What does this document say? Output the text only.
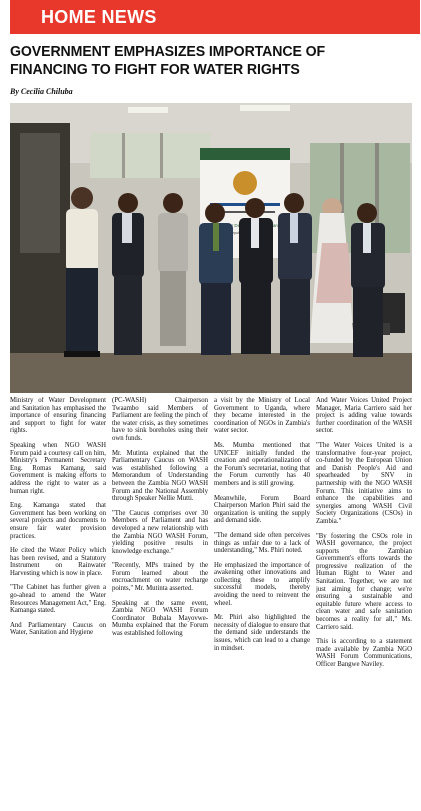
HOME NEWS
GOVERNMENT EMPHASIZES IMPORTANCE OF FINANCING TO FIGHT FOR WATER RIGHTS
By Cecilia Chiluba
Republic

Ministry of Water Development and Sanitation has emphasised the importance of ensuring financing and support to fight for water rights.

Speaking when NGO WASH Forum paid a courtesy call on him, Ministry's Permanent Secretary Eng. Romas Kamang, said Government is making efforts to address the right to water as a human right.

Eng. Kamanga stated that Government has been working on several projects and documents to ensure fair water provision practices.

He cited the Water Policy which has been revised, and a Statutory Instrument on Rainwater Harvesting which is now in place.

"The Cabinet has further given a go-ahead to amend the Water Resources Management Act," Eng. Kamanga stated.

And Parliamentary Caucus on Water, Sanitation and Hygiene

(PC-WASH) Chairperson Twaambo said Members of Parliament are feeling the pinch of the water crisis, as they sometimes have to sink boreholes using their own funds.

Mr. Mutinta explained that the Parliamentary Caucus on WASH was established following a Memorandum of Understanding between the Zambia NGO WASH Forum and the National Assembly through Speaker Nellie Mutti.

"The Caucus comprises over 30 Members of Parliament and has developed a new relationship with the Zambia NGO WASH Forum, yielding positive results in knowledge exchange."

"Recently, MPs trained by the Forum learned about the encroachment on water recharge points," Mr. Mutinta asserted.

Speaking at the same event, Zambia NGO WASH Forum Coordinator Bubala Mayovwe-Mumba explained that the Forum was established following

a visit by the Ministry of Local Government to Uganda, where they became interested in the coordination of NGOs in Zambia's water sector.

Ms. Mumba mentioned that UNICEF initially funded the creation and operationalization of the Forum's secretariat, noting that the Forum currently has 40 members and is still growing.

Meanwhile, Forum Board Chairperson Marlon Phiri said the organization is uniting the supply and demand side.

"The demand side often perceives things as unfair due to a lack of understanding," Ms. Phiri noted.

He emphasized the importance of awakening other innovations and collecting these to amplify successful models, thereby avoiding the need to reinvent the wheel.

Mr. Phiri also highlighted the necessity of dialogue to ensure that the demand side understands the issues, which can lead to a change in mindset.

And Water Voices United Project Manager, Maria Carriero said her project is adding value towards further coordination of the WASH sector.

"The Water Voices United is a transformative four-year project, co-funded by the European Union and Danish People's Aid and spearheaded by SNV in partnership with the NGO WASH Forum. This initiative aims to enhance the capabilities and synergies among WASH Civil Society Organizations (CSOs) in Zambia."

"By fostering the CSOs role in WASH governance, the project supports the Zambian Government's efforts towards the progressive realization of the Human Right to Water and Sanitation. Together, we are not just aiming for change; we're ensuring a sustainable and equitable future where access to clean water and safe sanitation becomes a reality for all," Ms. Carriero said.

This is according to a statement made available by Zambia NGO WASH Forum Communications, Officer Bangwe Naviley.
